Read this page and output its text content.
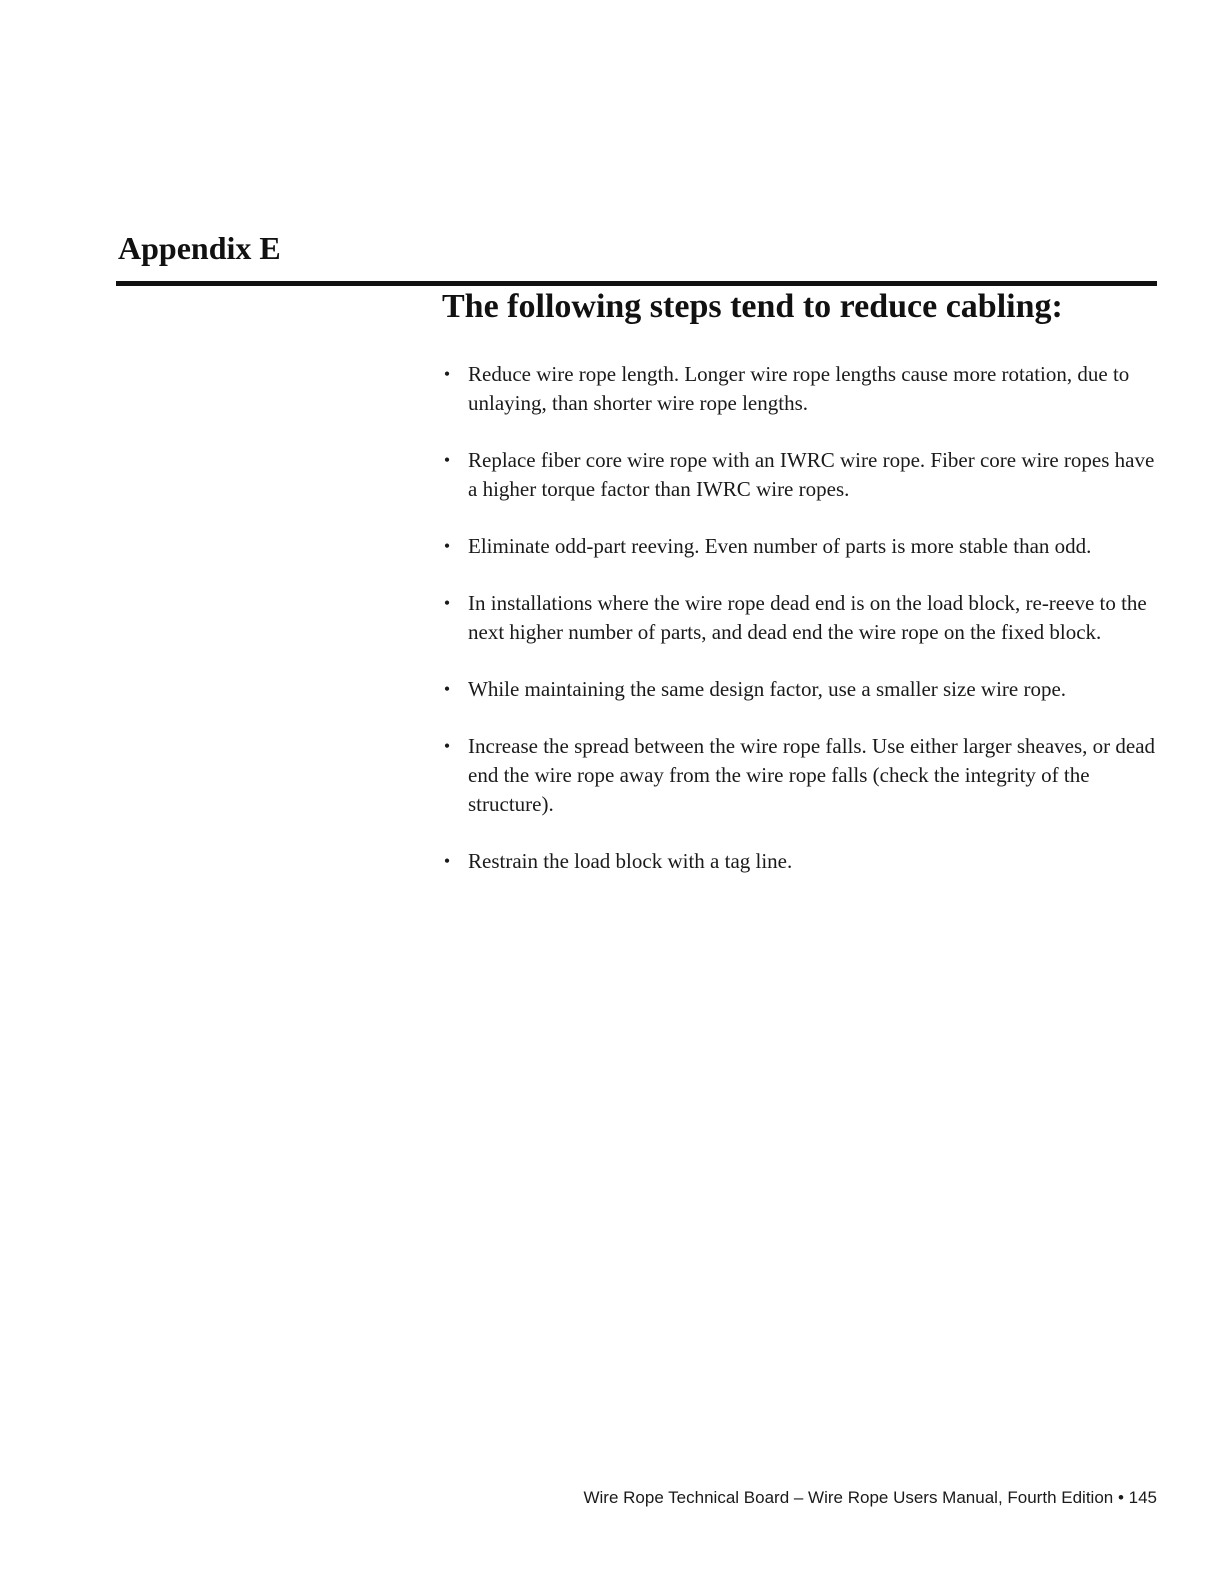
Appendix E
The following steps tend to reduce cabling:
• Reduce wire rope length. Longer wire rope lengths cause more rotation, due to unlaying, than shorter wire rope lengths.
• Replace fiber core wire rope with an IWRC wire rope. Fiber core wire ropes have a higher torque factor than IWRC wire ropes.
• Eliminate odd-part reeving. Even number of parts is more stable than odd.
• In installations where the wire rope dead end is on the load block, re-reeve to the next higher number of parts, and dead end the wire rope on the fixed block.
• While maintaining the same design factor, use a smaller size wire rope.
• Increase the spread between the wire rope falls. Use either larger sheaves, or dead end the wire rope away from the wire rope falls (check the integrity of the structure).
• Restrain the load block with a tag line.
Wire Rope Technical Board – Wire Rope Users Manual, Fourth Edition • 145
